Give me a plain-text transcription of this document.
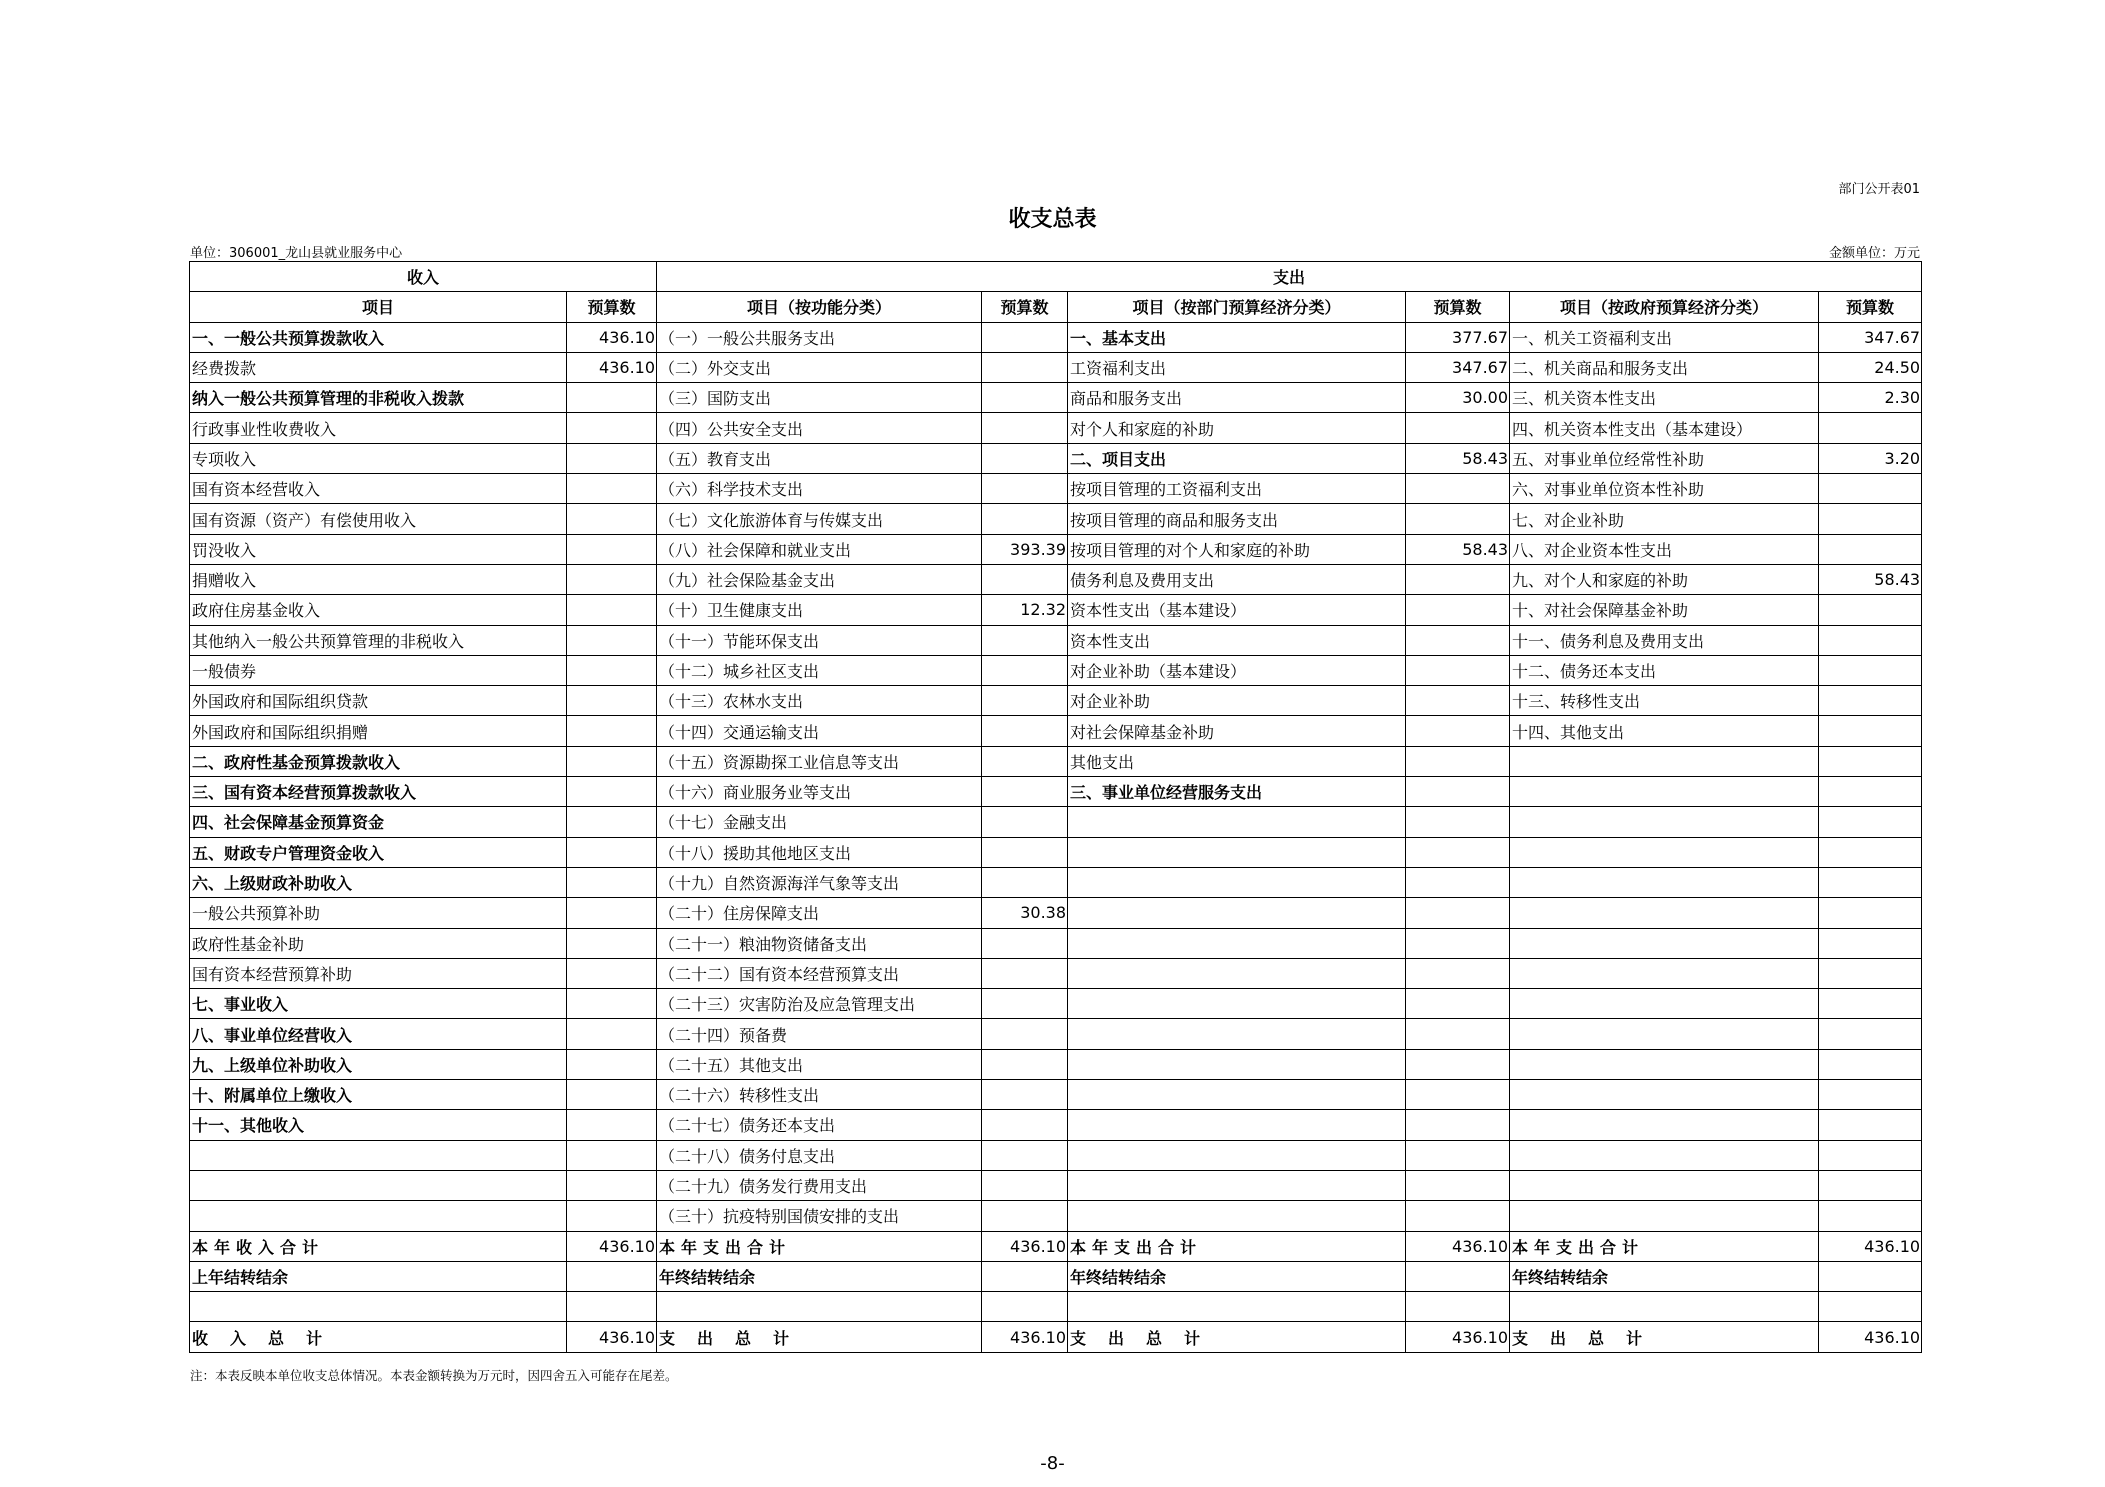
部门公开表01
收支总表
单位：306001_龙山县就业服务中心	金额单位：万元
收入		支出					
项目	预算数	项目（按功能分类）	预算数	项目（按部门预算经济分类）	预算数	项目（按政府预算经济分类）	预算数
一、一般公共预算拨款收入	436.10	（一）一般公共服务支出		一、基本支出	377.67	一、机关工资福利支出	347.67
经费拨款	436.10	（二）外交支出		工资福利支出	347.67	二、机关商品和服务支出	24.50
纳入一般公共预算管理的非税收入拨款		（三）国防支出		商品和服务支出	30.00	三、机关资本性支出	2.30
行政事业性收费收入		（四）公共安全支出		对个人和家庭的补助		四、机关资本性支出（基本建设）	
专项收入		（五）教育支出		二、项目支出	58.43	五、对事业单位经常性补助	3.20
国有资本经营收入		（六）科学技术支出		按项目管理的工资福利支出		六、对事业单位资本性补助	
国有资源（资产）有偿使用收入		（七）文化旅游体育与传媒支出		按项目管理的商品和服务支出		七、对企业补助	
罚没收入		（八）社会保障和就业支出	393.39	按项目管理的对个人和家庭的补助	58.43	八、对企业资本性支出	
捐赠收入		（九）社会保险基金支出		债务利息及费用支出		九、对个人和家庭的补助	58.43
政府住房基金收入		（十）卫生健康支出	12.32	资本性支出（基本建设）		十、对社会保障基金补助	
其他纳入一般公共预算管理的非税收入		（十一）节能环保支出		资本性支出		十一、债务利息及费用支出	
一般债券		（十二）城乡社区支出		对企业补助（基本建设）		十二、债务还本支出	
外国政府和国际组织贷款		（十三）农林水支出		对企业补助		十三、转移性支出	
外国政府和国际组织捐赠		（十四）交通运输支出		对社会保障基金补助		十四、其他支出	
二、政府性基金预算拨款收入		（十五）资源勘探工业信息等支出		其他支出			
三、国有资本经营预算拨款收入		（十六）商业服务业等支出		三、事业单位经营服务支出			
四、社会保障基金预算资金		（十七）金融支出					
五、财政专户管理资金收入		（十八）援助其他地区支出					
六、上级财政补助收入		（十九）自然资源海洋气象等支出					
一般公共预算补助		（二十）住房保障支出	30.38				
政府性基金补助		（二十一）粮油物资储备支出					
国有资本经营预算补助		（二十二）国有资本经营预算支出					
七、事业收入		（二十三）灾害防治及应急管理支出					
八、事业单位经营收入		（二十四）预备费					
九、上级单位补助收入		（二十五）其他支出					
十、附属单位上缴收入		（二十六）转移性支出					
十一、其他收入		（二十七）债务还本支出					
		（二十八）债务付息支出					
		（二十九）债务发行费用支出					
		（三十）抗疫特别国债安排的支出					
本年收入合计	436.10	本年支出合计	436.10	本年支出合计	436.10	本年支出合计	436.10
上年结转结余		年终结转结余		年终结转结余		年终结转结余	

收入总计	436.10	支出总计	436.10	支出总计	436.10	支出总计	436.10
注：本表反映本单位收支总体情况。本表金额转换为万元时，因四舍五入可能存在尾差。
-8-
